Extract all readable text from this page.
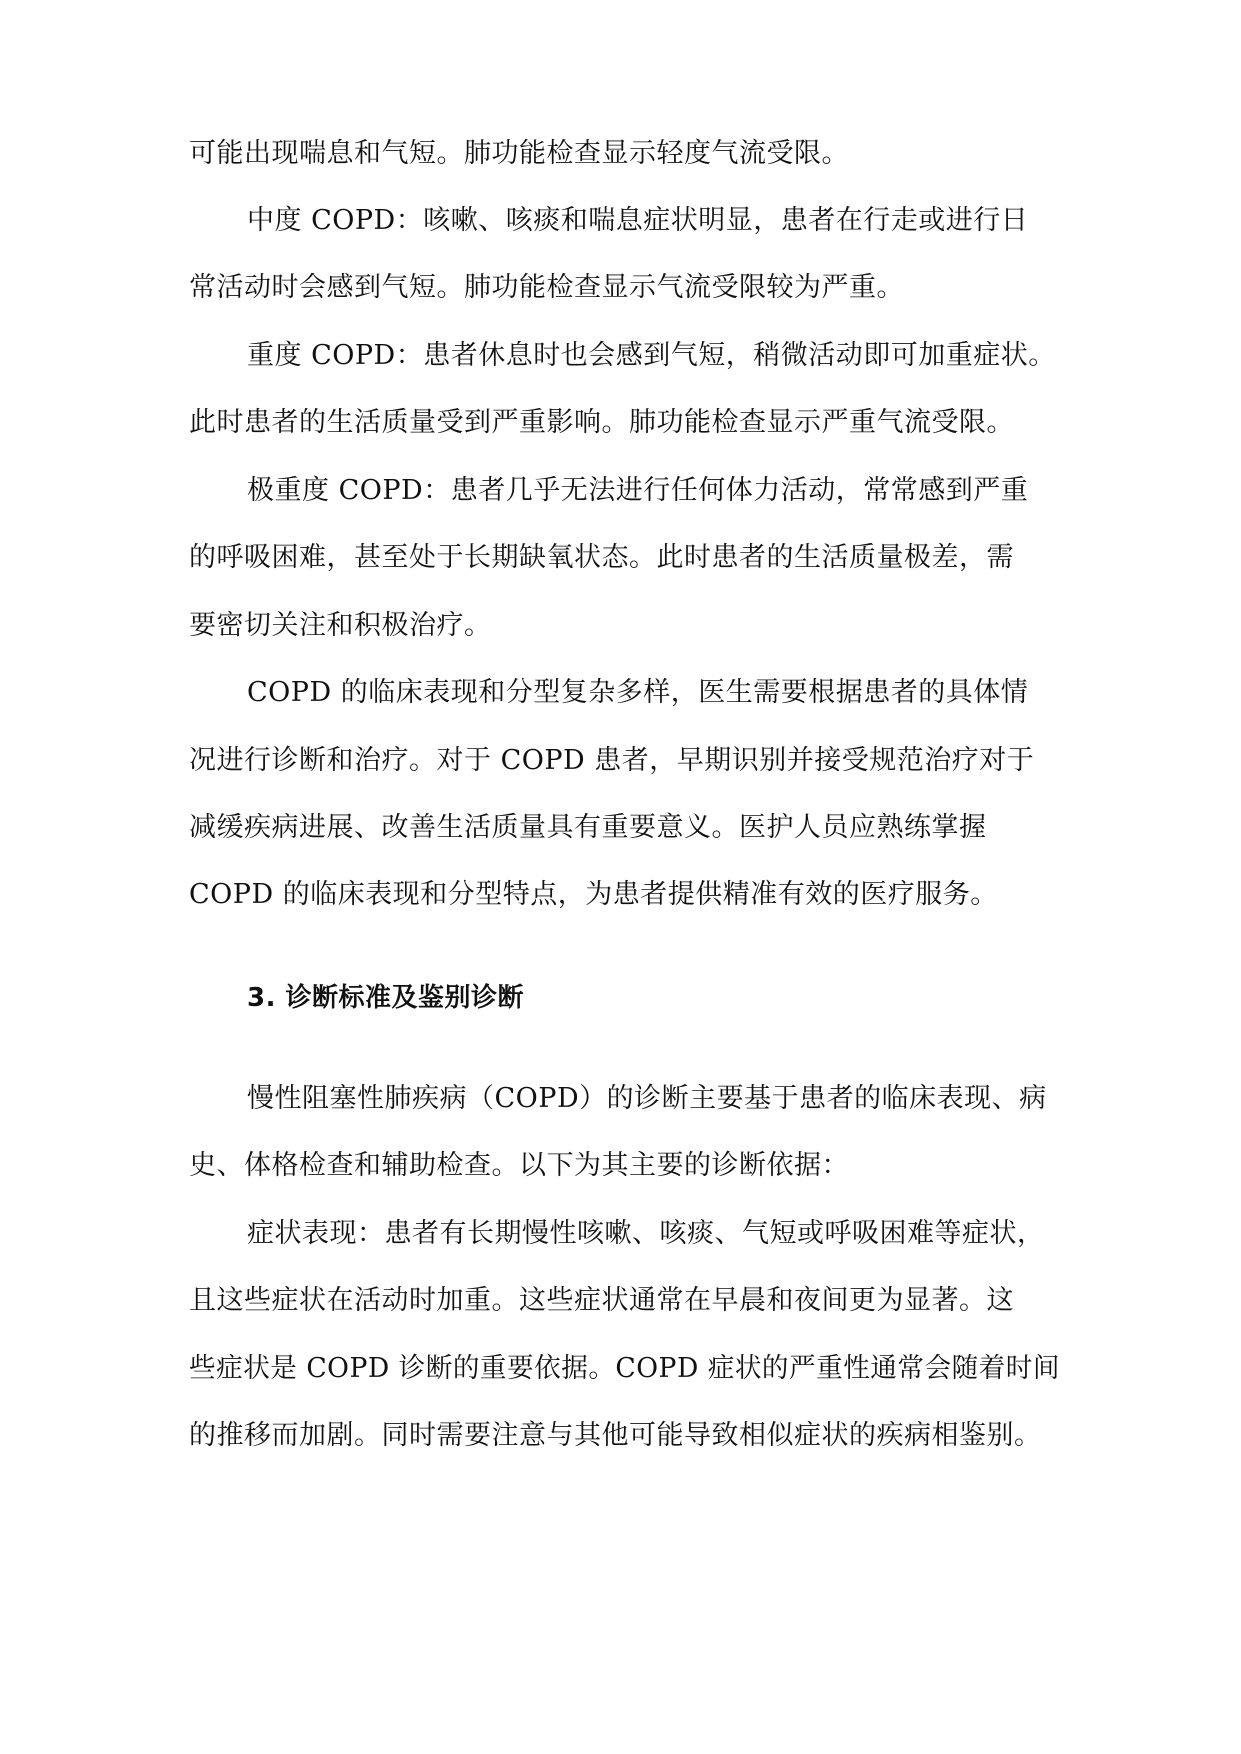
可能出现喘息和气短。肺功能检查显示轻度气流受限。
中度 COPD：咳嗽、咳痰和喘息症状明显，患者在行走或进行日
常活动时会感到气短。肺功能检查显示气流受限较为严重。
重度 COPD：患者休息时也会感到气短，稍微活动即可加重症状。
此时患者的生活质量受到严重影响。肺功能检查显示严重气流受限。
极重度 COPD：患者几乎无法进行任何体力活动，常常感到严重
的呼吸困难，甚至处于长期缺氧状态。此时患者的生活质量极差，需
要密切关注和积极治疗。
COPD 的临床表现和分型复杂多样，医生需要根据患者的具体情
况进行诊断和治疗。对于 COPD 患者，早期识别并接受规范治疗对于
减缓疾病进展、改善生活质量具有重要意义。医护人员应熟练掌握
COPD 的临床表现和分型特点，为患者提供精准有效的医疗服务。
3. 诊断标准及鉴别诊断
慢性阻塞性肺疾病（COPD）的诊断主要基于患者的临床表现、病
史、体格检查和辅助检查。以下为其主要的诊断依据：
症状表现：患者有长期慢性咳嗽、咳痰、气短或呼吸困难等症状，
且这些症状在活动时加重。这些症状通常在早晨和夜间更为显著。这
些症状是 COPD 诊断的重要依据。COPD 症状的严重性通常会随着时间
的推移而加剧。同时需要注意与其他可能导致相似症状的疾病相鉴别。
